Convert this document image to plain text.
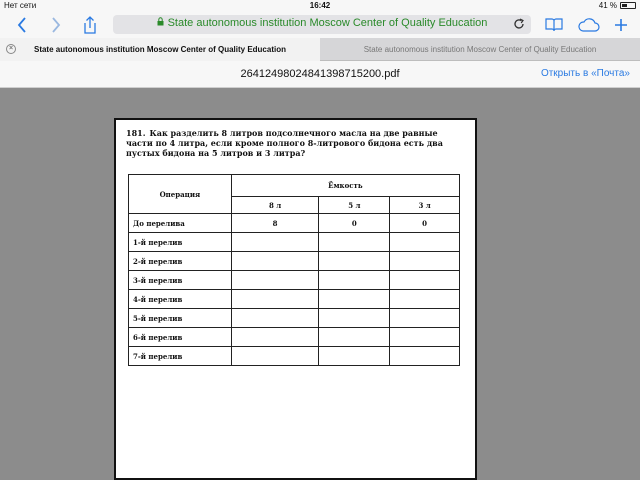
Нет сети	16:42	41 %
State autonomous institution Moscow Center of Quality Education
×	State autonomous institution Moscow Center of Quality Education	State autonomous institution Moscow Center of Quality Education
26412498024841398715200.pdf	Открыть в «Почта»
181. Как разделить 8 литров подсолнечного масла на две равные части по 4 литра, если кроме полного 8-литрового бидона есть два пустых бидона на 5 литров и 3 литра?
Операция	Ёмкость		
	8 л	5 л	3 л
До перелива	8	0	0
1-й перелив			
2-й перелив			
3-й перелив			
4-й перелив			
5-й перелив			
6-й перелив			
7-й перелив			
